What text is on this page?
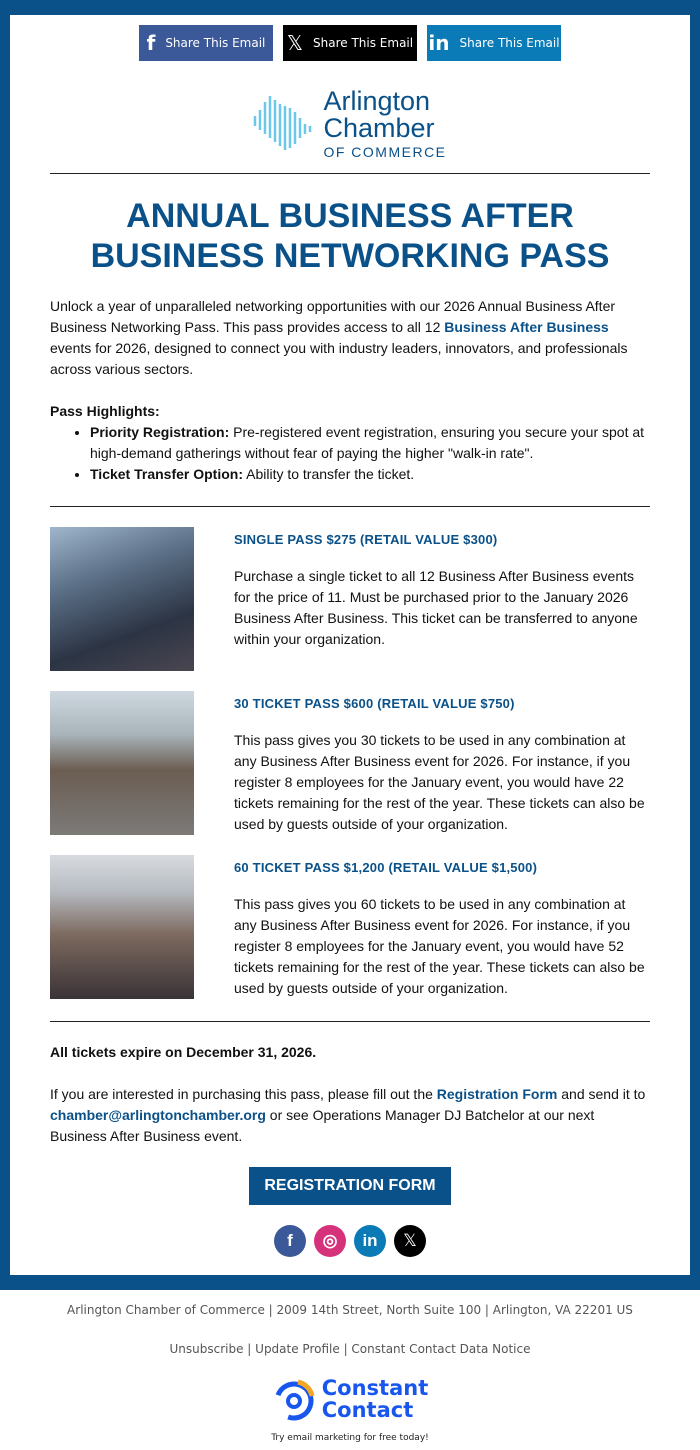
f Share This Email 𝕏 Share This Email in Share This Email
Arlington
Chamber
OF COMMERCE
ANNUAL BUSINESS AFTER BUSINESS NETWORKING PASS

Unlock a year of unparalleled networking opportunities with our 2026 Annual Business After Business Networking Pass. This pass provides access to all 12 Business After Business events for 2026, designed to connect you with industry leaders, innovators, and professionals across various sectors.

Pass Highlights:

• Priority Registration: Pre-registered event registration, ensuring you secure your spot at high-demand gatherings without fear of paying the higher "walk-in rate".
• Ticket Transfer Option: Ability to transfer the ticket.
SINGLE PASS $275 (RETAIL VALUE $300)

Purchase a single ticket to all 12 Business After Business events for the price of 11. Must be purchased prior to the January 2026 Business After Business. This ticket can be transferred to anyone within your organization.

30 TICKET PASS $600 (RETAIL VALUE $750)

This pass gives you 30 tickets to be used in any combination at any Business After Business event for 2026. For instance, if you register 8 employees for the January event, you would have 22 tickets remaining for the rest of the year. These tickets can also be used by guests outside of your organization.

60 TICKET PASS $1,200 (RETAIL VALUE $1,500)

This pass gives you 60 tickets to be used in any combination at any Business After Business event for 2026. For instance, if you register 8 employees for the January event, you would have 52 tickets remaining for the rest of the year. These tickets can also be used by guests outside of your organization.

All tickets expire on December 31, 2026.

If you are interested in purchasing this pass, please fill out the Registration Form and send it to chamber@arlingtonchamber.org or see Operations Manager DJ Batchelor at our next Business After Business event.

REGISTRATION FORM
f	◎	in	𝕏

Arlington Chamber of Commerce | 2009 14th Street, North Suite 100 | Arlington, VA 22201 US

Unsubscribe | Update Profile | Constant Contact Data Notice

Constant
Contact

Try email marketing for free today!
